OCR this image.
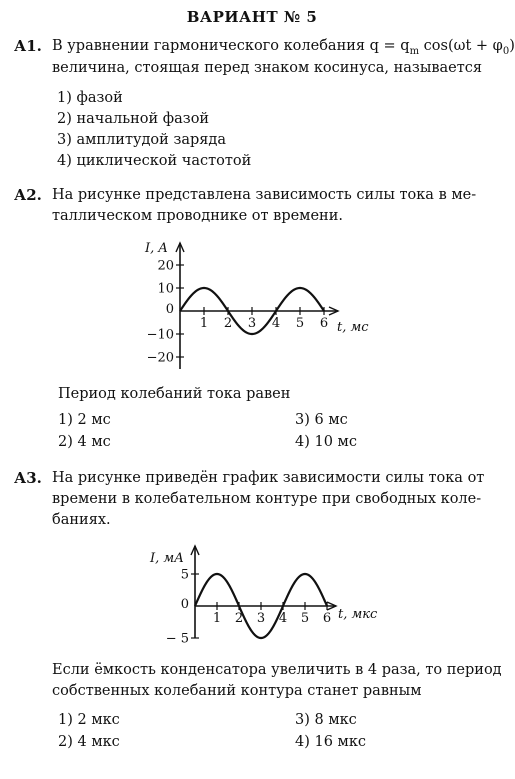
ВАРИАНТ № 5
А1. В уравнении гармонического колебания $q = q_m$ $\cos(\omega t + \varphi_0)$
величина, стоящая перед знаком косинуса, называется
1) фазой
2) начальной фазой
3) амплитудой заряда
4) циклической частотой
А2. На рисунке представлена зависимость силы тока в ме-
таллическом проводнике от времени.
20
10
0
−10
−20
1 2 3 4 5 6
I, A
t, мс
Период колебаний тока равен
1) 2 мс	3) 6 мс
2) 4 мс	4) 10 мс
А3. На рисунке приведён график зависимости силы тока от
времени в колебательном контуре при свободных коле-
баниях.
5
0
− 5
1 2 3 4 5 6
I, мА
t, мкс
Если ёмкость конденсатора увеличить в 4 раза, то период
собственных колебаний контура станет равным
1) 2 мкс	3) 8 мкс
2) 4 мкс	4) 16 мкс
